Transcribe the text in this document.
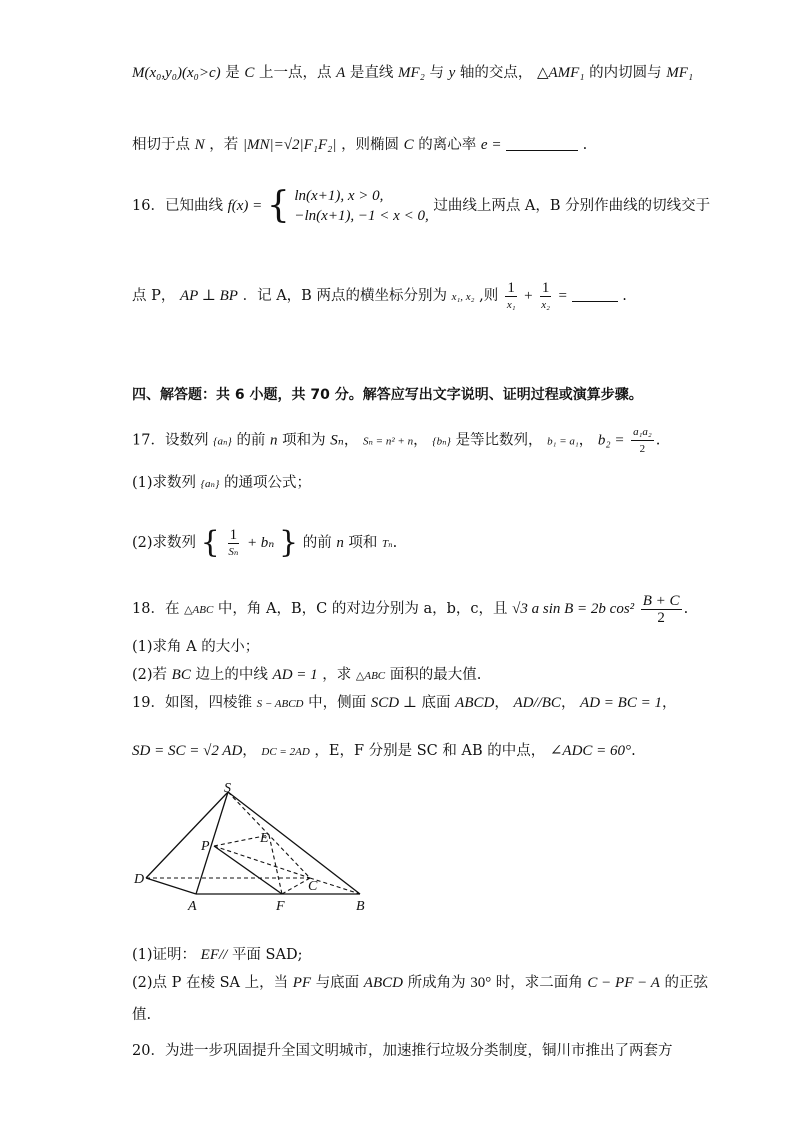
M(x₀,y₀)(x₀>c) 是 C 上一点，点 A 是直线 MF₂ 与 y 轴的交点， △AMF₁ 的内切圆与 MF₁
相切于点 N ，若 |MN|=√2|F₁F₂| ，则椭圆 C 的离心率 e =	.
16．已知曲线 f(x) = { ln(x+1), x > 0,
−ln(x+1), −1 < x < 0,
过曲线上两点 A，B 分别作曲线的切线交于
点 P， AP ⊥ BP ．记 A，B 两点的横坐标分别为 x₁, x₂ ,则 $\frac{1}{\text{x₁}} + \frac{1}{\text{x₂}}$ =	.
四、解答题：共 6 小题，共 70 分。解答应写出文字说明、证明过程或演算步骤。
17．设数列 {aₙ} 的前 n 项和为 Sₙ， Sₙ = n² + n， {bₙ} 是等比数列， b₁ = a₁， $b_2 = \frac{\text{a₁a₂}}{2}$ .
(1)求数列 {aₙ} 的通项公式；
(2)求数列 { $\frac{1}{\text{Sₙ}} + b_n$ } 的前 n 项和 Tₙ.
18．在 △ABC 中，角 A，B，C 的对边分别为 a，b，c，且 √3 a sin B = 2b $\cos^2 \frac{B + C}{2}$ .
(1)求角 A 的大小；
(2)若 BC 边上的中线 AD = 1 ，求 △ABC 面积的最大值.
19．如图，四棱锥 S − ABCD 中，侧面 SCD ⊥ 底面 ABCD， AD//BC， AD = BC = 1，
SD = SC = √2 AD， DC = 2AD ，E，F 分别是 SC 和 AB 的中点， ∠ADC = 60°.
S
P
E
D	C
A	F	B
(1)证明： EF// 平面 SAD;
(2)点 P 在棱 SA 上，当 PF 与底面 ABCD 所成角为 30° 时，求二面角 C − PF − A 的正弦
值.
20．为进一步巩固提升全国文明城市，加速推行垃圾分类制度，铜川市推出了两套方
